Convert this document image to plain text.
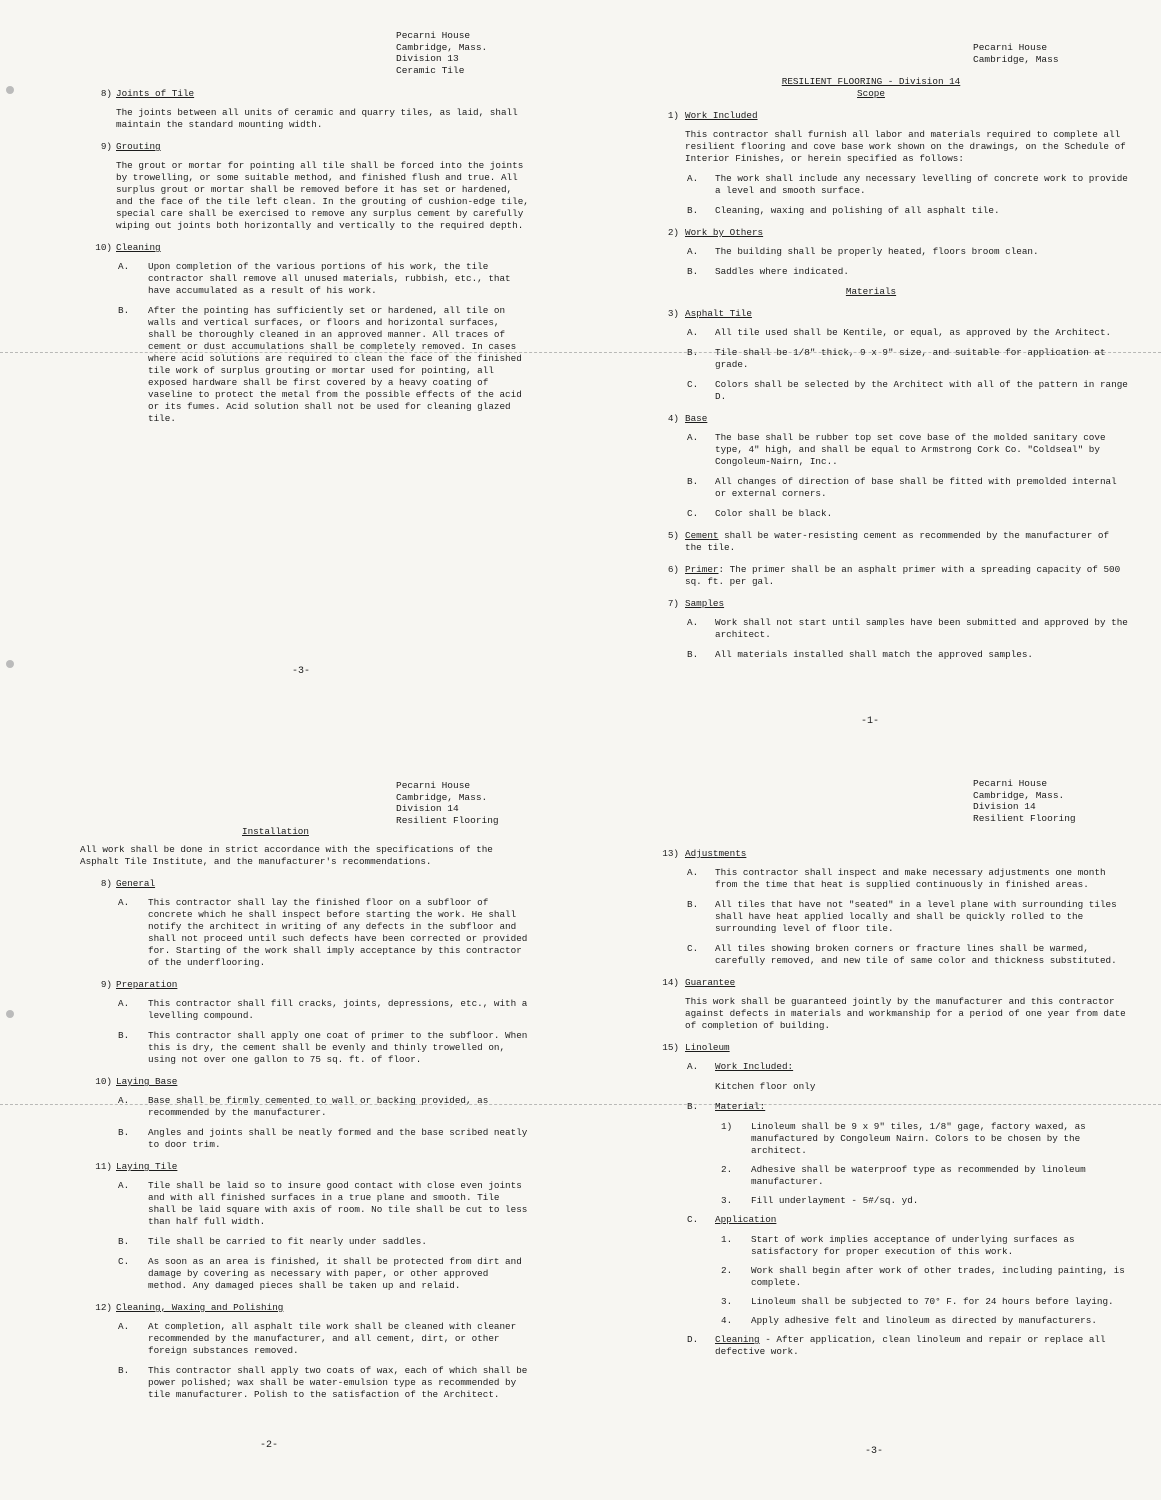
Pecarni House
Cambridge, Mass.
Division 13
Ceramic Tile
8) Joints of Tile
The joints between all units of ceramic and quarry tiles, as laid, shall maintain the standard mounting width.
9) Grouting
The grout or mortar for pointing all tile shall be forced into the joints by trowelling, or some suitable method, and finished flush and true. All surplus grout or mortar shall be removed before it has set or hardened, and the face of the tile left clean. In the grouting of cushion-edge tile, special care shall be exercised to remove any surplus cement by carefully wiping out joints both horizontally and vertically to the required depth.
10) Cleaning
A. Upon completion of the various portions of his work, the tile contractor shall remove all unused materials, rubbish, etc., that have accumulated as a result of his work.
B. After the pointing has sufficiently set or hardened, all tile on walls and vertical surfaces, or floors and horizontal surfaces, shall be thoroughly cleaned in an approved manner. All traces of cement or dust accumulations shall be completely removed. In cases where acid solutions are required to clean the face of the finished tile work of surplus grouting or mortar used for pointing, all exposed hardware shall be first covered by a heavy coating of vaseline to protect the metal from the possible effects of the acid or its fumes. Acid solution shall not be used for cleaning glazed tile.
-3-
Pecarni House
Cambridge, Mass
RESILIENT FLOORING - Division 14
Scope
1) Work Included
This contractor shall furnish all labor and materials required to complete all resilient flooring and cove base work shown on the drawings, on the Schedule of Interior Finishes, or herein specified as follows:
A. The work shall include any necessary levelling of concrete work to provide a level and smooth surface.
B. Cleaning, waxing and polishing of all asphalt tile.
2) Work by Others
A. The building shall be properly heated, floors broom clean.
B. Saddles where indicated.
Materials
3) Asphalt Tile
A. All tile used shall be Kentile, or equal, as approved by the Architect.
B. Tile shall be 1/8" thick, 9 x 9" size, and suitable for application at grade.
C. Colors shall be selected by the Architect with all of the pattern in range D.
4) Base
A. The base shall be rubber top set cove base of the molded sanitary cove type, 4" high, and shall be equal to Armstrong Cork Co. "Coldseal" by Congoleum-Nairn, Inc..
B. All changes of direction of base shall be fitted with premolded internal or external corners.
C. Color shall be black.
5) Cement shall be water-resisting cement as recommended by the manufacturer of the tile.
6) Primer: The primer shall be an asphalt primer with a spreading capacity of 500 sq. ft. per gal.
7) Samples
A. Work shall not start until samples have been submitted and approved by the architect.
B. All materials installed shall match the approved samples.
-1-
Pecarni House
Cambridge, Mass.
Division 14
Resilient Flooring
Installation
All work shall be done in strict accordance with the specifications of the Asphalt Tile Institute, and the manufacturer's recommendations.
8) General
A. This contractor shall lay the finished floor on a subfloor of concrete which he shall inspect before starting the work. He shall notify the architect in writing of any defects in the subfloor and shall not proceed until such defects have been corrected or provided for. Starting of the work shall imply acceptance by this contractor of the underflooring.
9) Preparation
A. This contractor shall fill cracks, joints, depressions, etc., with a levelling compound.
B. This contractor shall apply one coat of primer to the subfloor. When this is dry, the cement shall be evenly and thinly trowelled on, using not over one gallon to 75 sq. ft. of floor.
10) Laying Base
A. Base shall be firmly cemented to wall or backing provided, as recommended by the manufacturer.
B. Angles and joints shall be neatly formed and the base scribed neatly to door trim.
11) Laying Tile
A. Tile shall be laid so to insure good contact with close even joints and with all finished surfaces in a true plane and smooth. Tile shall be laid square with axis of room. No tile shall be cut to less than half full width.
B. Tile shall be carried to fit nearly under saddles.
C. As soon as an area is finished, it shall be protected from dirt and damage by covering as necessary with paper, or other approved method. Any damaged pieces shall be taken up and relaid.
12) Cleaning, Waxing and Polishing
A. At completion, all asphalt tile work shall be cleaned with cleaner recommended by the manufacturer, and all cement, dirt, or other foreign substances removed.
B. This contractor shall apply two coats of wax, each of which shall be power polished; wax shall be water-emulsion type as recommended by tile manufacturer. Polish to the satisfaction of the Architect.
-2-
Pecarni House
Cambridge, Mass.
Division 14
Resilient Flooring
13) Adjustments
A. This contractor shall inspect and make necessary adjustments one month from the time that heat is supplied continuously in finished areas.
B. All tiles that have not "seated" in a level plane with surrounding tiles shall have heat applied locally and shall be quickly rolled to the surrounding level of floor tile.
C. All tiles showing broken corners or fracture lines shall be warmed, carefully removed, and new tile of same color and thickness substituted.
14) Guarantee
This work shall be guaranteed jointly by the manufacturer and this contractor against defects in materials and workmanship for a period of one year from date of completion of building.
15) Linoleum
A. Work Included:
Kitchen floor only
B. Material:
1) Linoleum shall be 9 x 9" tiles, 1/8" gage, factory waxed, as manufactured by Congoleum Nairn. Colors to be chosen by the architect.
2. Adhesive shall be waterproof type as recommended by linoleum manufacturer.
3. Fill underlayment - 5#/sq. yd.
C. Application
1. Start of work implies acceptance of underlying surfaces as satisfactory for proper execution of this work.
2. Work shall begin after work of other trades, including painting, is complete.
3. Linoleum shall be subjected to 70° F. for 24 hours before laying.
4. Apply adhesive felt and linoleum as directed by manufacturers.
D. Cleaning - After application, clean linoleum and repair or replace all defective work.
-3-
